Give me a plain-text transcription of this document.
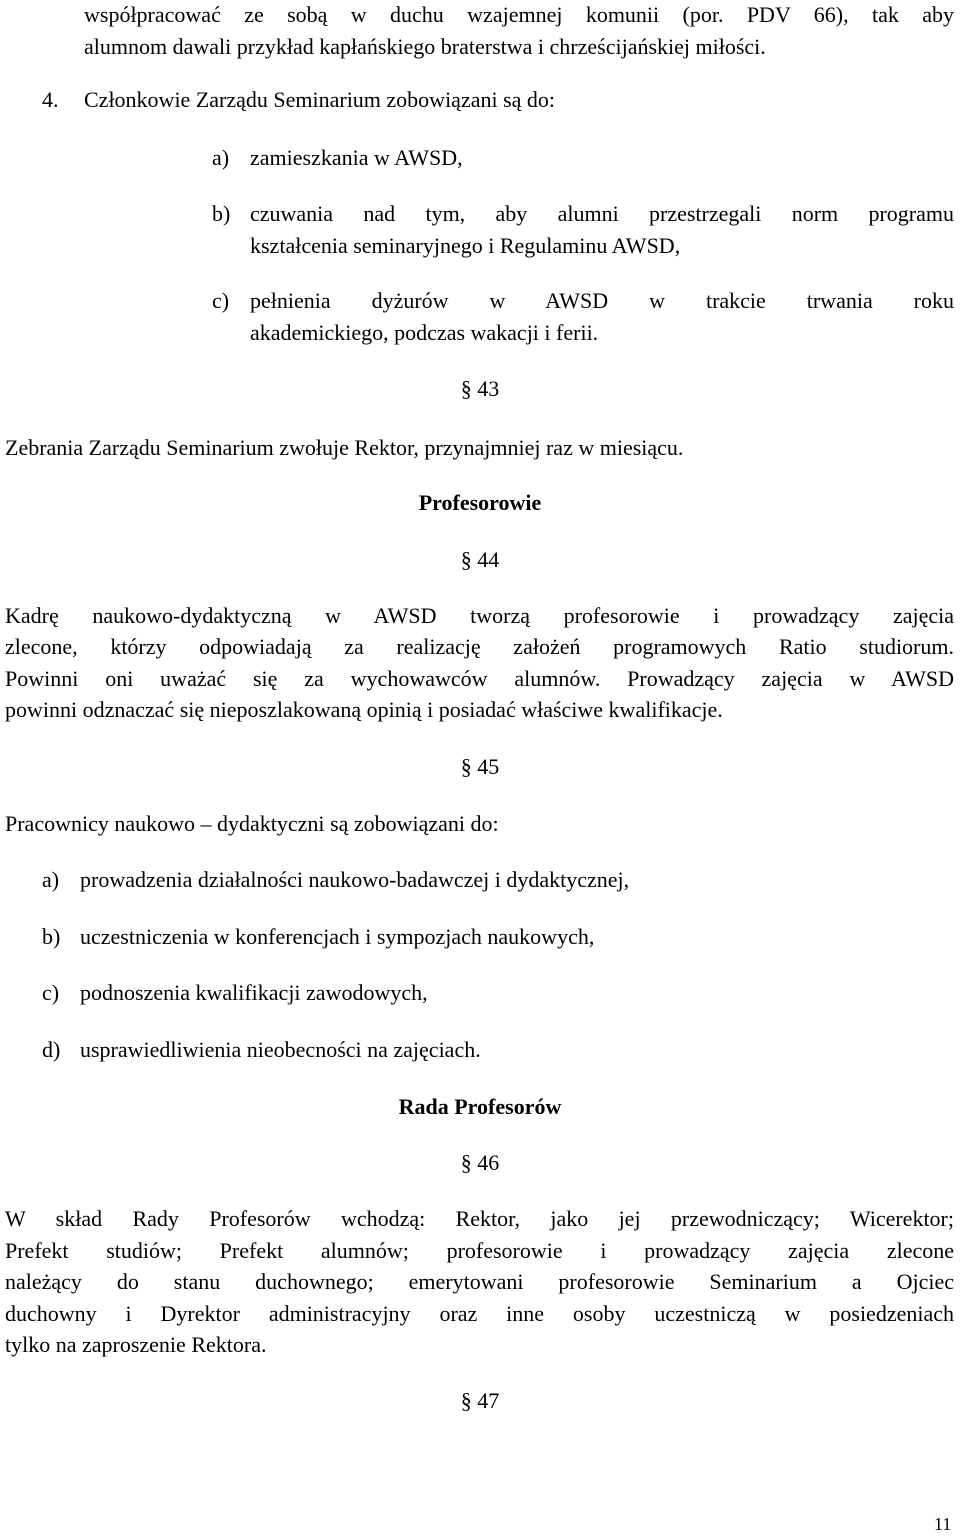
współpracować ze sobą w duchu wzajemnej komunii (por. PDV 66), tak aby
alumnom dawali przykład kapłańskiego braterstwa i chrześcijańskiej miłości.
4. Członkowie Zarządu Seminarium zobowiązani są do:
a) zamieszkania w AWSD,
b) czuwania nad tym, aby alumni przestrzegali norm programu
kształcenia seminaryjnego i Regulaminu AWSD,
c) pełnienia dyżurów w AWSD w trakcie trwania roku
akademickiego, podczas wakacji i ferii.
§ 43
Zebrania Zarządu Seminarium zwołuje Rektor, przynajmniej raz w miesiącu.
Profesorowie
§ 44
Kadrę naukowo-dydaktyczną w AWSD tworzą profesorowie i prowadzący zajęcia
zlecone, którzy odpowiadają za realizację założeń programowych Ratio studiorum.
Powinni oni uważać się za wychowawców alumnów. Prowadzący zajęcia w AWSD
powinni odznaczać się nieposzlakowaną opinią i posiadać właściwe kwalifikacje.
§ 45
Pracownicy naukowo – dydaktyczni są zobowiązani do:
a) prowadzenia działalności naukowo-badawczej i dydaktycznej,
b) uczestniczenia w konferencjach i sympozjach naukowych,
c) podnoszenia kwalifikacji zawodowych,
d) usprawiedliwienia nieobecności na zajęciach.
Rada Profesorów
§ 46
W skład Rady Profesorów wchodzą: Rektor, jako jej przewodniczący; Wicerektor;
Prefekt studiów; Prefekt alumnów; profesorowie i prowadzący zajęcia zlecone
należący do stanu duchownego; emerytowani profesorowie Seminarium a Ojciec
duchowny i Dyrektor administracyjny oraz inne osoby uczestniczą w posiedzeniach
tylko na zaproszenie Rektora.
§ 47
11
